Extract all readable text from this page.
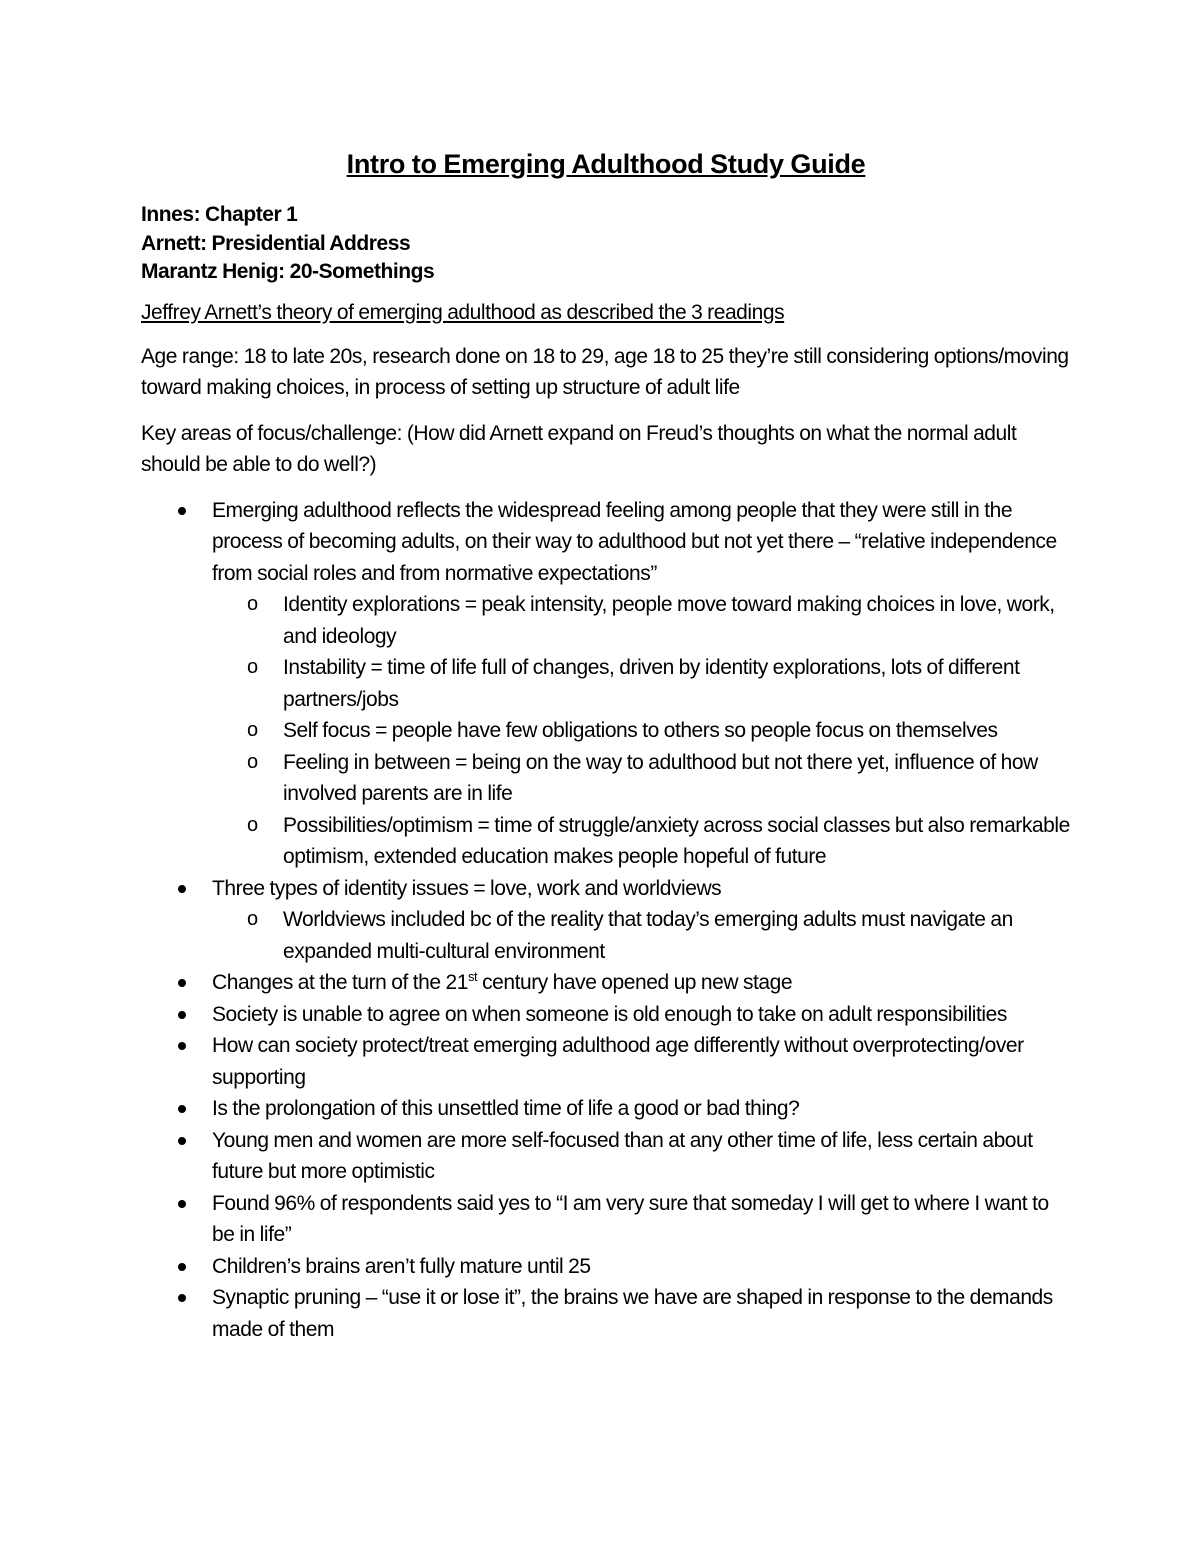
Intro to Emerging Adulthood Study Guide
Innes: Chapter 1
Arnett: Presidential Address
Marantz Henig: 20-Somethings
Jeffrey Arnett’s theory of emerging adulthood as described the 3 readings
Age range: 18 to late 20s, research done on 18 to 29, age 18 to 25 they’re still considering options/moving toward making choices, in process of setting up structure of adult life
Key areas of focus/challenge: (How did Arnett expand on Freud’s thoughts on what the normal adult should be able to do well?)
Emerging adulthood reflects the widespread feeling among people that they were still in the process of becoming adults, on their way to adulthood but not yet there – “relative independence from social roles and from normative expectations”
o Identity explorations = peak intensity, people move toward making choices in love, work, and ideology
o Instability = time of life full of changes, driven by identity explorations, lots of different partners/jobs
o Self focus = people have few obligations to others so people focus on themselves
o Feeling in between = being on the way to adulthood but not there yet, influence of how involved parents are in life
o Possibilities/optimism = time of struggle/anxiety across social classes but also remarkable optimism, extended education makes people hopeful of future
Three types of identity issues = love, work and worldviews
o Worldviews included bc of the reality that today’s emerging adults must navigate an expanded multi-cultural environment
Changes at the turn of the 21st century have opened up new stage
Society is unable to agree on when someone is old enough to take on adult responsibilities
How can society protect/treat emerging adulthood age differently without overprotecting/over supporting
Is the prolongation of this unsettled time of life a good or bad thing?
Young men and women are more self-focused than at any other time of life, less certain about future but more optimistic
Found 96% of respondents said yes to “I am very sure that someday I will get to where I want to be in life”
Children’s brains aren’t fully mature until 25
Synaptic pruning – “use it or lose it”, the brains we have are shaped in response to the demands made of them
